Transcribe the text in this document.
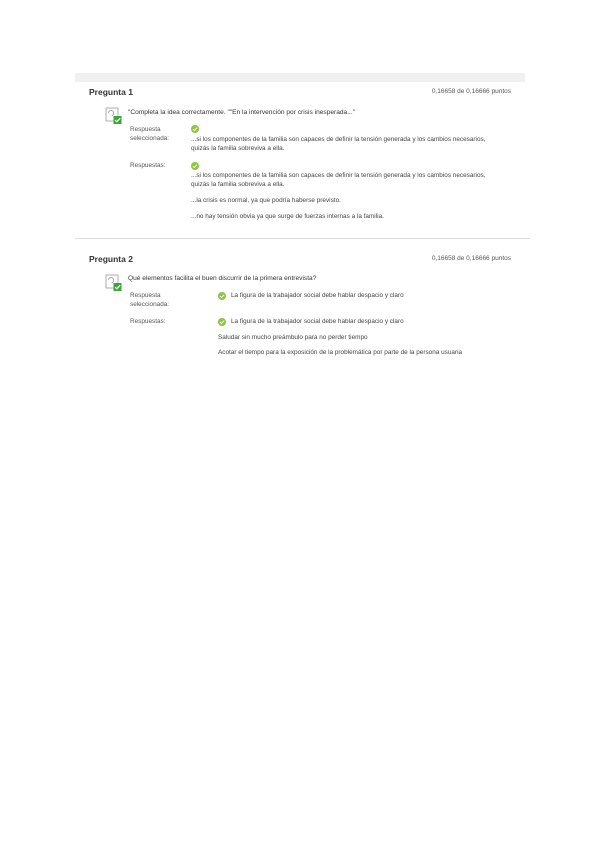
Pregunta 1	0,16658 de 0,16666 puntos
"Completa la idea correctamente. ""En la intervención por crisis inesperada..."
Respuesta seleccionada:	...si los componentes de la familia son capaces de definir la tensión generada y los cambios necesarios, quizás la familia sobreviva a ella.
Respuestas:
...si los componentes de la familia son capaces de definir la tensión generada y los cambios necesarios, quizás la familia sobreviva a ella.
...la crisis es normal, ya que podría haberse previsto.
...no hay tensión obvia ya que surge de fuerzas internas a la familia.
Pregunta 2	0,16658 de 0,16666 puntos
Qué elementos facilita el buen discurrir de la primera entrevista?
Respuesta seleccionada:
La figura de la trabajador social debe hablar despacio y claro
Respuestas:	La figura de la trabajador social debe hablar despacio y claro
Saludar sin mucho preámbulo para no perder tiempo
Acotar el tiempo para la exposición de la problemática por parte de la persona usuaria
